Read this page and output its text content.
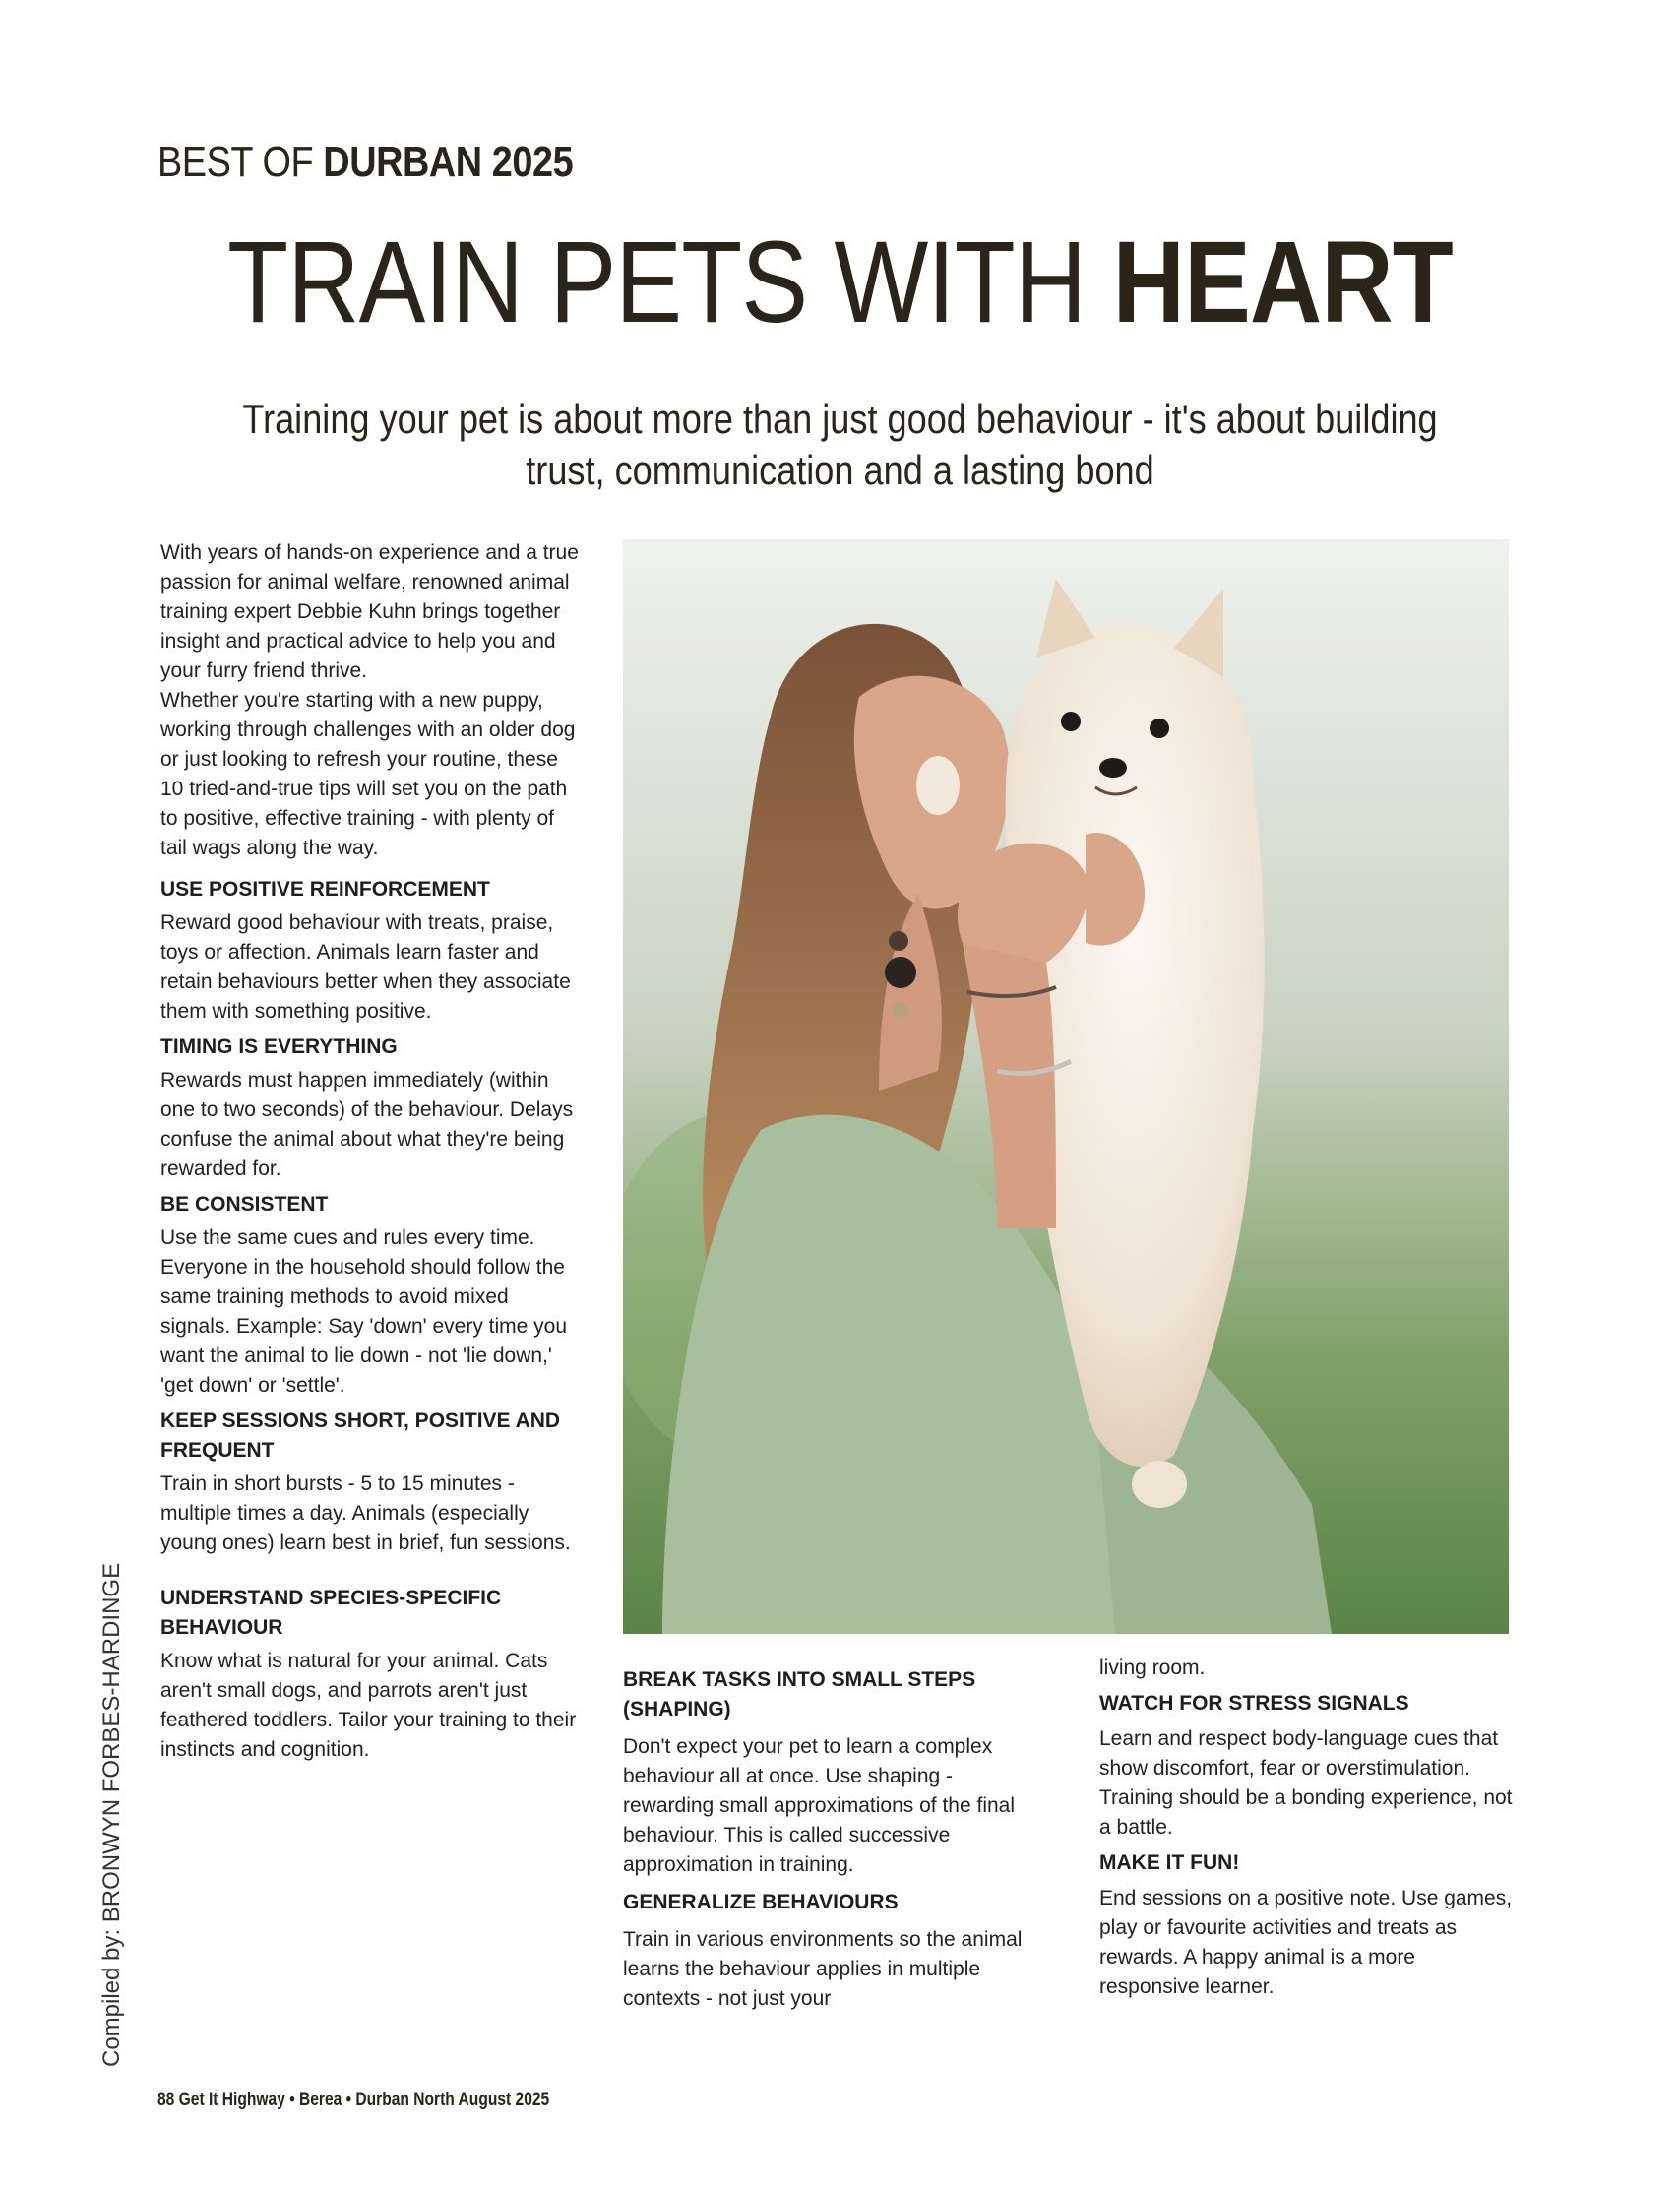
BEST OF DURBAN 2025
TRAIN PETS WITH HEART
Training your pet is about more than just good behaviour - it's about building
trust, communication and a lasting bond

With years of hands-on experience and a true passion for animal welfare, renowned animal training expert Debbie Kuhn brings together insight and practical advice to help you and your furry friend thrive.

Whether you're starting with a new puppy, working through challenges with an older dog or just looking to refresh your routine, these 10 tried-and-true tips will set you on the path to positive, effective training - with plenty of tail wags along the way.

USE POSITIVE REINFORCEMENT

Reward good behaviour with treats, praise, toys or affection. Animals learn faster and retain behaviours better when they associate them with something positive.

TIMING IS EVERYTHING

Rewards must happen immediately (within one to two seconds) of the behaviour. Delays confuse the animal about what they're being rewarded for.

BE CONSISTENT

Use the same cues and rules every time. Everyone in the household should follow the same training methods to avoid mixed signals. Example: Say 'down' every time you want the animal to lie down - not 'lie down,' 'get down' or 'settle'.

KEEP SESSIONS SHORT, POSITIVE AND FREQUENT

Train in short bursts - 5 to 15 minutes - multiple times a day. Animals (especially young ones) learn best in brief, fun sessions.

UNDERSTAND SPECIES-SPECIFIC BEHAVIOUR

Know what is natural for your animal. Cats aren't small dogs, and parrots aren't just feathered toddlers. Tailor your training to their instincts and cognition.

BREAK TASKS INTO SMALL STEPS (SHAPING)

Don't expect your pet to learn a complex behaviour all at once. Use shaping - rewarding small approximations of the final behaviour. This is called successive approximation in training.

GENERALIZE BEHAVIOURS

Train in various environments so the animal learns the behaviour applies in multiple contexts - not just your

living room.

WATCH FOR STRESS SIGNALS

Learn and respect body-language cues that show discomfort, fear or overstimulation. Training should be a bonding experience, not a battle.

MAKE IT FUN!

End sessions on a positive note. Use games, play or favourite activities and treats as rewards. A happy animal is a more responsive learner.

Compiled by: BRONWYN FORBES-HARDINGE
88 Get It Highway • Berea • Durban North August 2025
